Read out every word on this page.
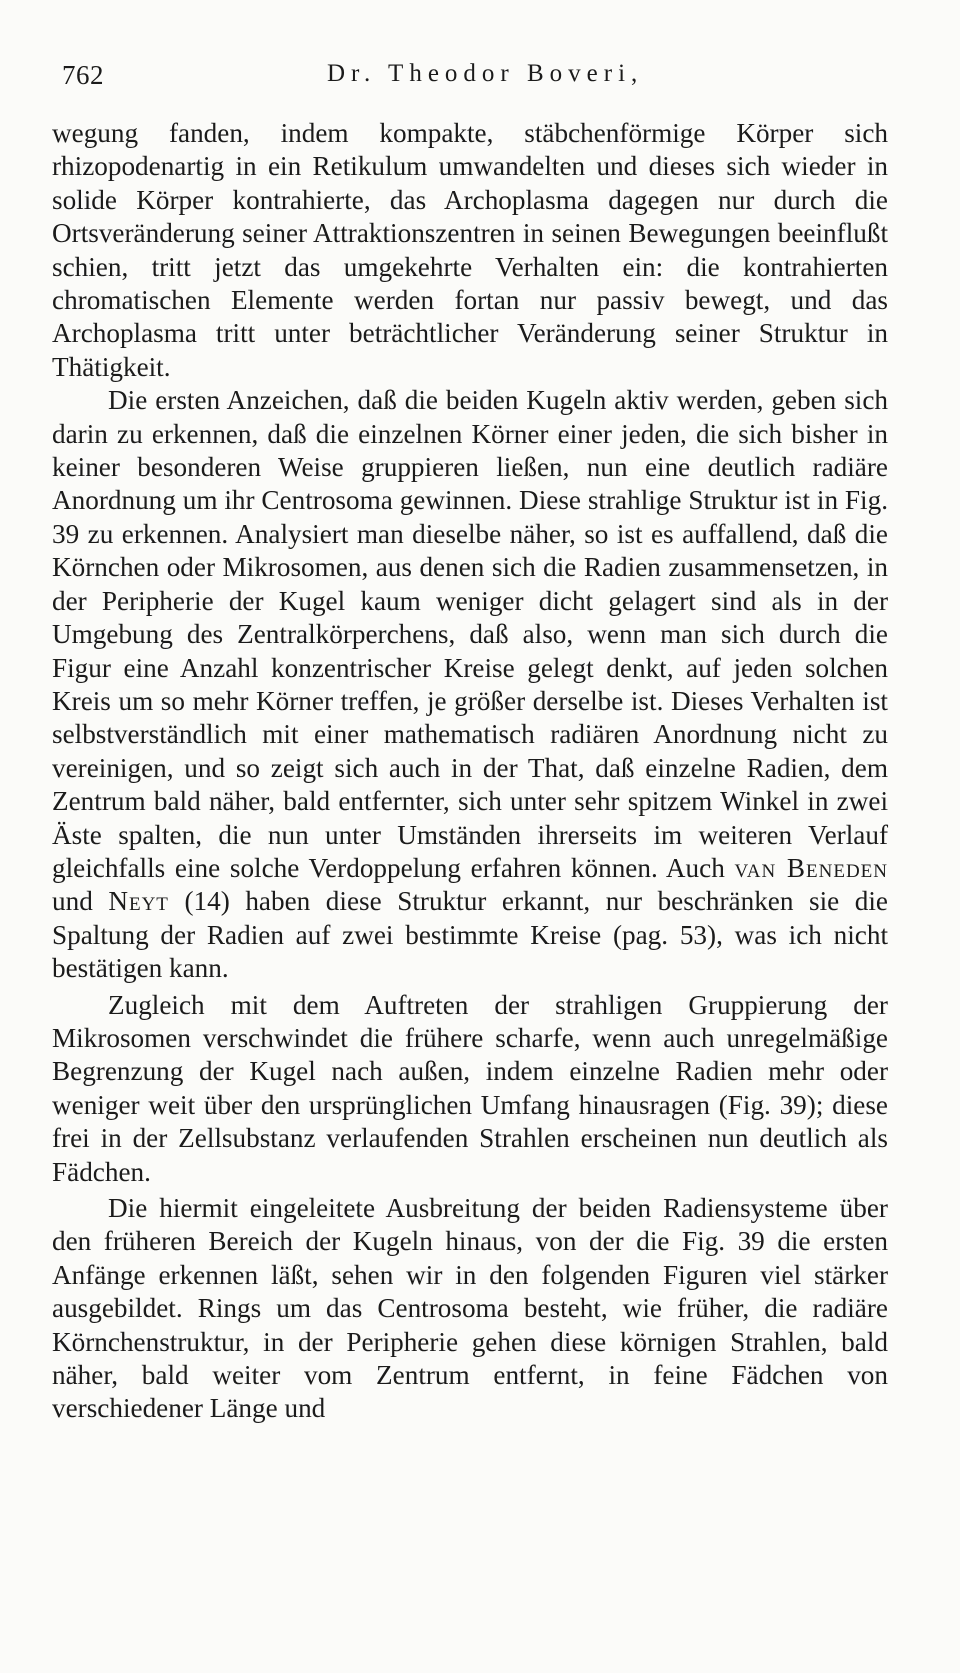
762	Dr. Theodor Boveri,

wegung fanden, indem kompakte, stäbchenförmige Körper sich rhizopodenartig in ein Retikulum umwandelten und dieses sich wieder in solide Körper kontrahierte, das Archoplasma dagegen nur durch die Ortsveränderung seiner Attraktionszentren in seinen Bewegungen beeinflußt schien, tritt jetzt das umgekehrte Verhalten ein: die kontrahierten chromatischen Elemente werden fortan nur passiv bewegt, und das Archoplasma tritt unter beträchtlicher Veränderung seiner Struktur in Thätigkeit.

Die ersten Anzeichen, daß die beiden Kugeln aktiv werden, geben sich darin zu erkennen, daß die einzelnen Körner einer jeden, die sich bisher in keiner besonderen Weise gruppieren ließen, nun eine deutlich radiäre Anordnung um ihr Centrosoma gewinnen. Diese strahlige Struktur ist in Fig. 39 zu erkennen. Analysiert man dieselbe näher, so ist es auffallend, daß die Körnchen oder Mikrosomen, aus denen sich die Radien zusammensetzen, in der Peripherie der Kugel kaum weniger dicht gelagert sind als in der Umgebung des Zentralkörperchens, daß also, wenn man sich durch die Figur eine Anzahl konzentrischer Kreise gelegt denkt, auf jeden solchen Kreis um so mehr Körner treffen, je größer derselbe ist. Dieses Verhalten ist selbstverständlich mit einer mathematisch radiären Anordnung nicht zu vereinigen, und so zeigt sich auch in der That, daß einzelne Radien, dem Zentrum bald näher, bald entfernter, sich unter sehr spitzem Winkel in zwei Äste spalten, die nun unter Umständen ihrerseits im weiteren Verlauf gleichfalls eine solche Verdoppelung erfahren können. Auch van Beneden und Neyt (14) haben diese Struktur erkannt, nur beschränken sie die Spaltung der Radien auf zwei bestimmte Kreise (pag. 53), was ich nicht bestätigen kann.

Zugleich mit dem Auftreten der strahligen Gruppierung der Mikrosomen verschwindet die frühere scharfe, wenn auch unregelmäßige Begrenzung der Kugel nach außen, indem einzelne Radien mehr oder weniger weit über den ursprünglichen Umfang hinausragen (Fig. 39); diese frei in der Zellsubstanz verlaufenden Strahlen erscheinen nun deutlich als Fädchen.

Die hiermit eingeleitete Ausbreitung der beiden Radiensysteme über den früheren Bereich der Kugeln hinaus, von der die Fig. 39 die ersten Anfänge erkennen läßt, sehen wir in den folgenden Figuren viel stärker ausgebildet. Rings um das Centrosoma besteht, wie früher, die radiäre Körnchenstruktur, in der Peripherie gehen diese körnigen Strahlen, bald näher, bald weiter vom Zentrum entfernt, in feine Fädchen von verschiedener Länge und
